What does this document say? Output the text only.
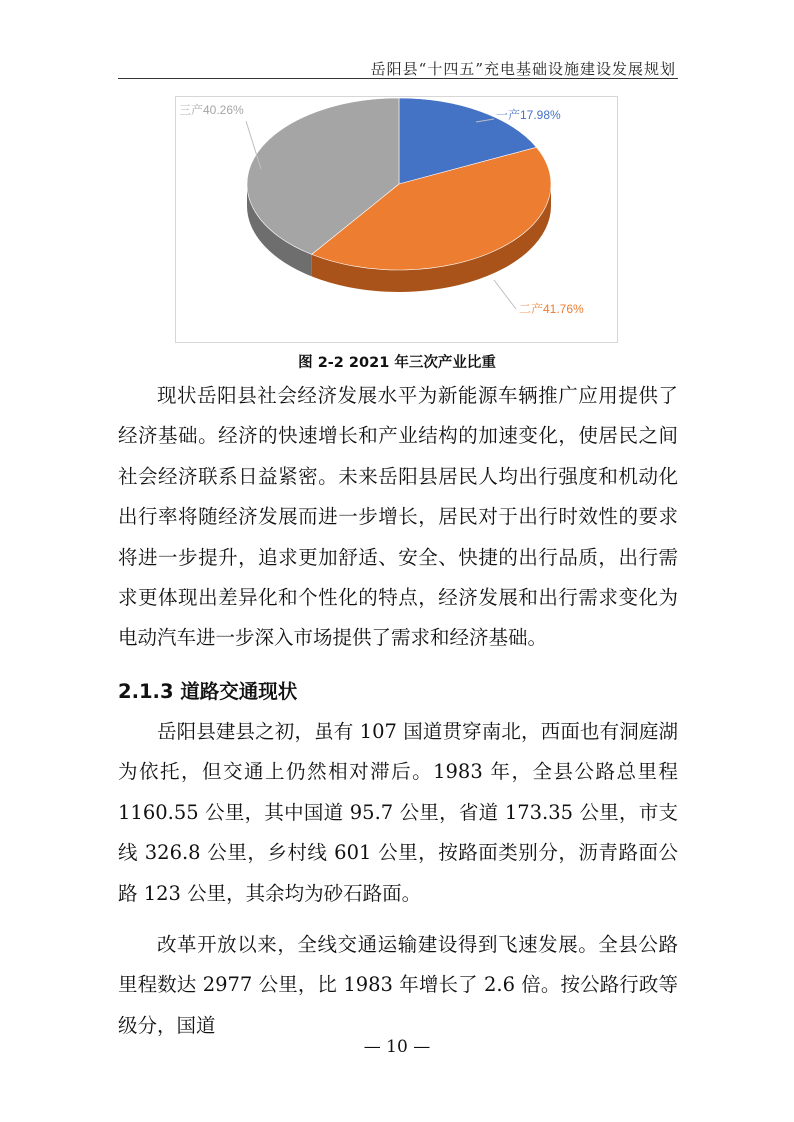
岳阳县“十四五”充电基础设施建设发展规划
一产17.98%
二产41.76%
三产40.26%
图 2-2 2021 年三次产业比重

现状岳阳县社会经济发展水平为新能源车辆推广应用提供了经济基础。经济的快速增长和产业结构的加速变化，使居民之间社会经济联系日益紧密。未来岳阳县居民人均出行强度和机动化出行率将随经济发展而进一步增长，居民对于出行时效性的要求将进一步提升，追求更加舒适、安全、快捷的出行品质，出行需求更体现出差异化和个性化的特点，经济发展和出行需求变化为电动汽车进一步深入市场提供了需求和经济基础。

2.1.3 道路交通现状

岳阳县建县之初，虽有 107 国道贯穿南北，西面也有洞庭湖为依托，但交通上仍然相对滞后。1983 年，全县公路总里程 1160.55 公里，其中国道 95.7 公里，省道 173.35 公里，市支线 326.8 公里，乡村线 601 公里，按路面类别分，沥青路面公路 123 公里，其余均为砂石路面。

改革开放以来，全线交通运输建设得到飞速发展。全县公路里程数达 2977 公里，比 1983 年增长了 2.6 倍。按公路行政等级分，国道

— 10 —
